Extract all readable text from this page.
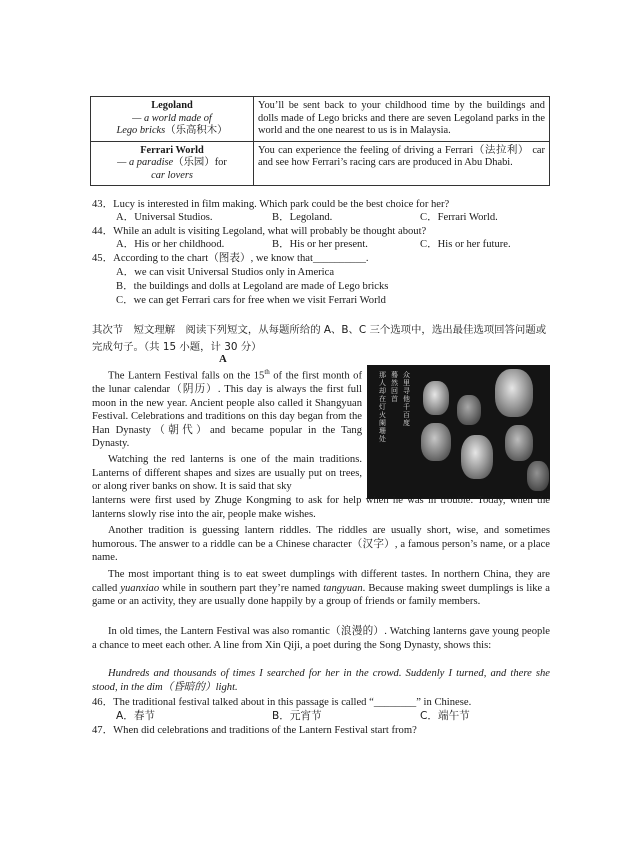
Legoland
— a world made of
Lego bricks（乐高积木）	You’ll be sent back to your childhood time by the buildings and dolls made of Lego bricks and there are seven Legoland parks in the world and the one nearest to us is in Malaysia.

Ferrari World
— a paradise（乐园）for
car lovers	You can experience the feeling of driving a Ferrari（法拉利） car and see how Ferrari’s racing cars are produced in Abu Dhabi.
43．Lucy is interested in film making. Which park could be the best choice for her?
A．Universal Studios.	B．Legoland.	C．Ferrari World.
44．While an adult is visiting Legoland, what will probably be thought about?
A．His or her childhood.	B．His or her present.	C．His or her future.
45．According to the chart（图表）, we know that__________.
A．we can visit Universal Studios only in America
B．the buildings and dolls at Legoland are made of Lego bricks
C．we can get Ferrari cars for free when we visit Ferrari World
其次节　短文理解　阅读下列短文，从每题所给的 A、B、C 三个选项中，选出最佳选项回答问题或完成句子。（共 15 小题，计 30 分）
A
那人却在灯火阑珊处
蓦然回首
众里寻他千百度
The Lantern Festival falls on the 15th of the first month of the lunar calendar（阴历）. This day is always the first full moon in the new year. Ancient people also called it Shangyuan Festival. Celebrations and traditions on this day began from the Han Dynasty（朝代）and became popular in the Tang Dynasty.
Watching the red lanterns is one of the main traditions. Lanterns of different shapes and sizes are usually put on trees, or along river banks on show. It is said that sky
lanterns were first used by Zhuge Kongming to ask for help when he was in trouble. Today, when the lanterns slowly rise into the air, people make wishes.
Another tradition is guessing lantern riddles. The riddles are usually short, wise, and sometimes humorous. The answer to a riddle can be a Chinese character（汉字）, a famous person’s name, or a place name.
The most important thing is to eat sweet dumplings with different tastes. In northern China, they are called yuanxiao while in southern part they’re named tangyuan. Because making sweet dumplings is like a game or an activity, they are usually done happily by a group of friends or family members.
In old times, the Lantern Festival was also romantic（浪漫的）. Watching lanterns gave young people a chance to meet each other. A line from Xin Qiji, a poet during the Song Dynasty, shows this:
Hundreds and thousands of times I searched for her in the crowd. Suddenly I turned, and there she stood, in the dim（昏暗的）light.
46．The traditional festival talked about in this passage is called “________” in Chinese.
A．春节	B．元宵节	C．端午节
47．When did celebrations and traditions of the Lantern Festival start from?
